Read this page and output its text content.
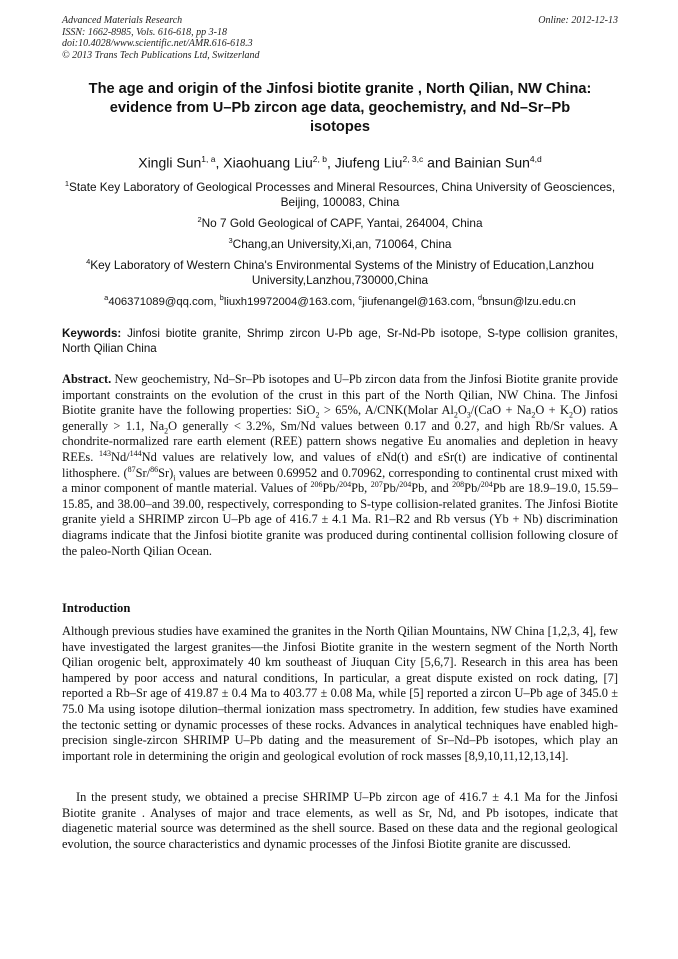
Advanced Materials Research
ISSN: 1662-8985, Vols. 616-618, pp 3-18
doi:10.4028/www.scientific.net/AMR.616-618.3
© 2013 Trans Tech Publications Ltd, Switzerland
Online: 2012-12-13
The age and origin of the Jinfosi biotite granite , North Qilian, NW China:
evidence from U–Pb zircon age data, geochemistry, and Nd–Sr–Pb
isotopes
Xingli Sun$^{1, a}$, Xiaohuang Liu$^{2, b}$, Jiufeng Liu$^{2, 3,c}$ and Bainian Sun$^{4,d}$
$^1$State Key Laboratory of Geological Processes and Mineral Resources, China University of Geosciences, Beijing, 100083, China
$^2$No 7 Gold Geological of CAPF, Yantai, 264004, China
$^3$Chang,an University,Xi,an, 710064, China
$^4$Key Laboratory of Western China's Environmental Systems of the Ministry of Education,Lanzhou University,Lanzhou,730000,China
$^a$406371089@qq.com, $^b$liuxh19972004@163.com, $^c$jiufenangel@163.com, $^d$bnsun@lzu.edu.cn
Keywords: Jinfosi biotite granite, Shrimp zircon U-Pb age, Sr-Nd-Pb isotope, S-type collision granites, North Qilian China
Abstract. New geochemistry, Nd–Sr–Pb isotopes and U–Pb zircon data from the Jinfosi Biotite granite provide important constraints on the evolution of the crust in this part of the North Qilian, NW China. The Jinfosi Biotite granite have the following properties: SiO$_2$ > 65%, A/CNK(Molar $Al_2O_3/(CaO + Na_2O + K_2O)$ ratios generally > 1.1, $Na_2O$ generally < 3.2%, Sm/Nd values between 0.17 and 0.27, and high Rb/Sr values. A chondrite-normalized rare earth element (REE) pattern shows negative Eu anomalies and depletion in heavy REEs. $^{143}$Nd/$^{144}$Nd values are relatively low, and values of εNd(t) and εSr(t) are indicative of continental lithosphere. $(^{87}Sr/^{86}Sr)_i$ values are between 0.69952 and 0.70962, corresponding to continental crust mixed with a minor component of mantle material. Values of $^{206}$Pb/$^{204}$Pb, $^{207}$Pb/$^{204}$Pb, and $^{208}$Pb/$^{204}$Pb are 18.9–19.0, 15.59–15.85, and 38.00–and 39.00, respectively, corresponding to S-type collision-related granites. The Jinfosi Biotite granite yield a SHRIMP zircon U–Pb age of 416.7 ± 4.1 Ma. R1–R2 and Rb versus (Yb + Nb) discrimination diagrams indicate that the Jinfosi biotite granite was produced during continental collision following closure of the paleo-North Qilian Ocean.
Introduction
Although previous studies have examined the granites in the North Qilian Mountains, NW China [1,2,3, 4], few have investigated the largest granites—the Jinfosi Biotite granite in the western segment of the North North Qilian orogenic belt, approximately 40 km southeast of Jiuquan City [5,6,7]. Research in this area has been hampered by poor access and natural conditions, In particular, a great dispute existed on rock dating, [7] reported a Rb–Sr age of 419.87 ± 0.4 Ma to 403.77 ± 0.08 Ma, while [5] reported a zircon U–Pb age of 345.0 ± 75.0 Ma using isotope dilution–thermal ionization mass spectrometry. In addition, few studies have examined the tectonic setting or dynamic processes of these rocks. Advances in analytical techniques have enabled high-precision single-zircon SHRIMP U–Pb dating and the measurement of Sr–Nd–Pb isotopes, which play an important role in determining the origin and geological evolution of rock masses [8,9,10,11,12,13,14].
In the present study, we obtained a precise SHRIMP U–Pb zircon age of 416.7 ± 4.1 Ma for the Jinfosi Biotite granite . Analyses of major and trace elements, as well as Sr, Nd, and Pb isotopes, indicate that diagenetic material source was determined as the shell source. Based on these data and the regional geological evolution, the source characteristics and dynamic processes of the Jinfosi Biotite granite are discussed.
